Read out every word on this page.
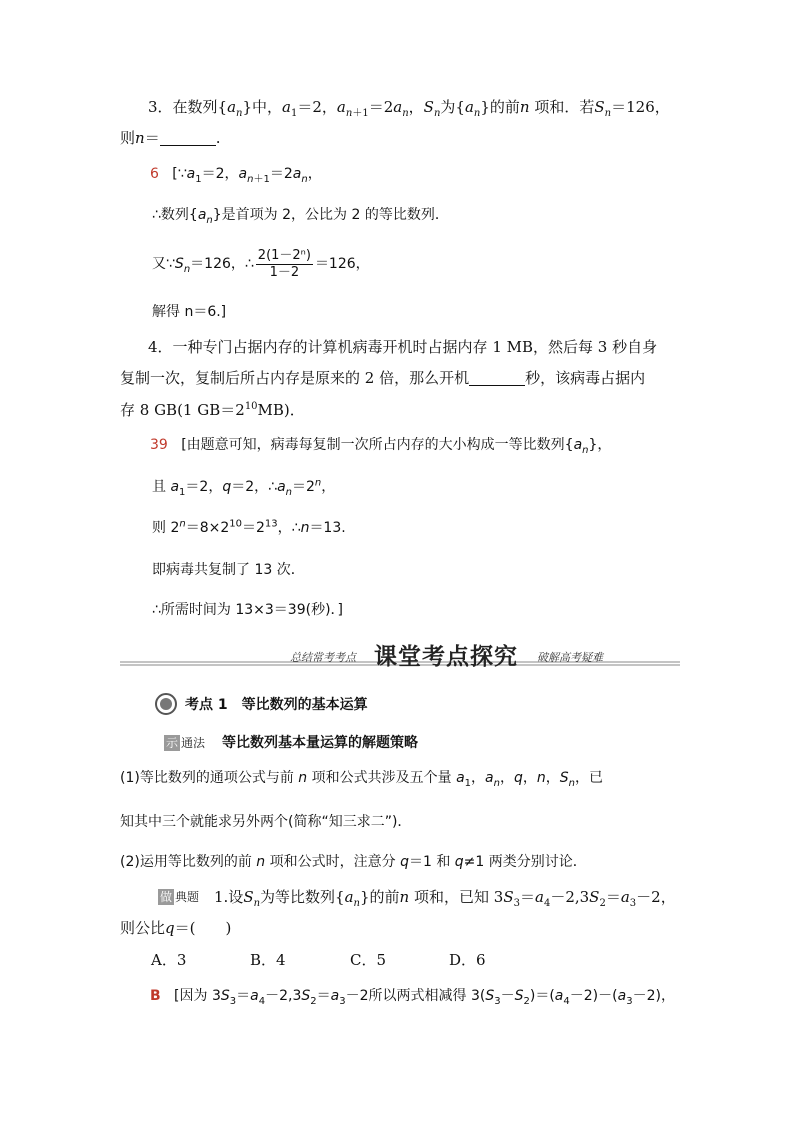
3．在数列$\{a_n\}$中，$a_1=2$，$a_{n+1}=2a_n$，$S_n$为$\{a_n\}$的前n 项和．若$S_n=126$，
则n＝	.
6 [$\because a_1=2$，$a_{n+1}=2a_n$，
∴数列$\{a_n\}$是首项为 2，公比为 2 的等比数列．
又$\because S_n=126$，∴ $\frac{\text{2(1－2ⁿ)}}{1-2} =126$，
解得 n＝6.]
4．一种专门占据内存的计算机病毒开机时占据内存 1 MB，然后每 3 秒自身
复制一次，复制后所占内存是原来的 2 倍，那么开机	秒，该病毒占据内
存 8 GB(1 $GB=2^{10}MB$)．
39 [由题意可知，病毒每复制一次所占内存的大小构成一等比数列$\{a_n\}$，
且 $a_1=2$，q＝2，$\therefore a_n=2^n$，
则 $2^n=8\times 2^{10}=2^{13}$，∴n＝13.
即病毒共复制了 13 次．
∴所需时间为 13×3＝39(秒)．]
总结常考考点 课堂考点探究 破解高考疑难
考点 1　等比数列的基本运算
示 通法 等比数列基本量运算的解题策略
(1)等比数列的通项公式与前 n 项和公式共涉及五个量 $a_1$，$a_n$，q，n，$S_n$，已
知其中三个就能求另外两个(简称“知三求二”)．
(2)运用等比数列的前 n 项和公式时，注意分 q＝1 和 q≠1 两类分别讨论．
做 典题 1.设$S_n$为等比数列$\{a_n\}$的前n 项和，已知 $3S_3=a_4-2,3S_2=a_3-2$，
则公比q＝(　　)
A．3	B．4	C．5	D．6
B [因为 $3S_3=a_4-2,3S_2=a_3-2$所以两式相减得 $3(S_3-S_2)=(a_4-2)-(a_3-2)$，
